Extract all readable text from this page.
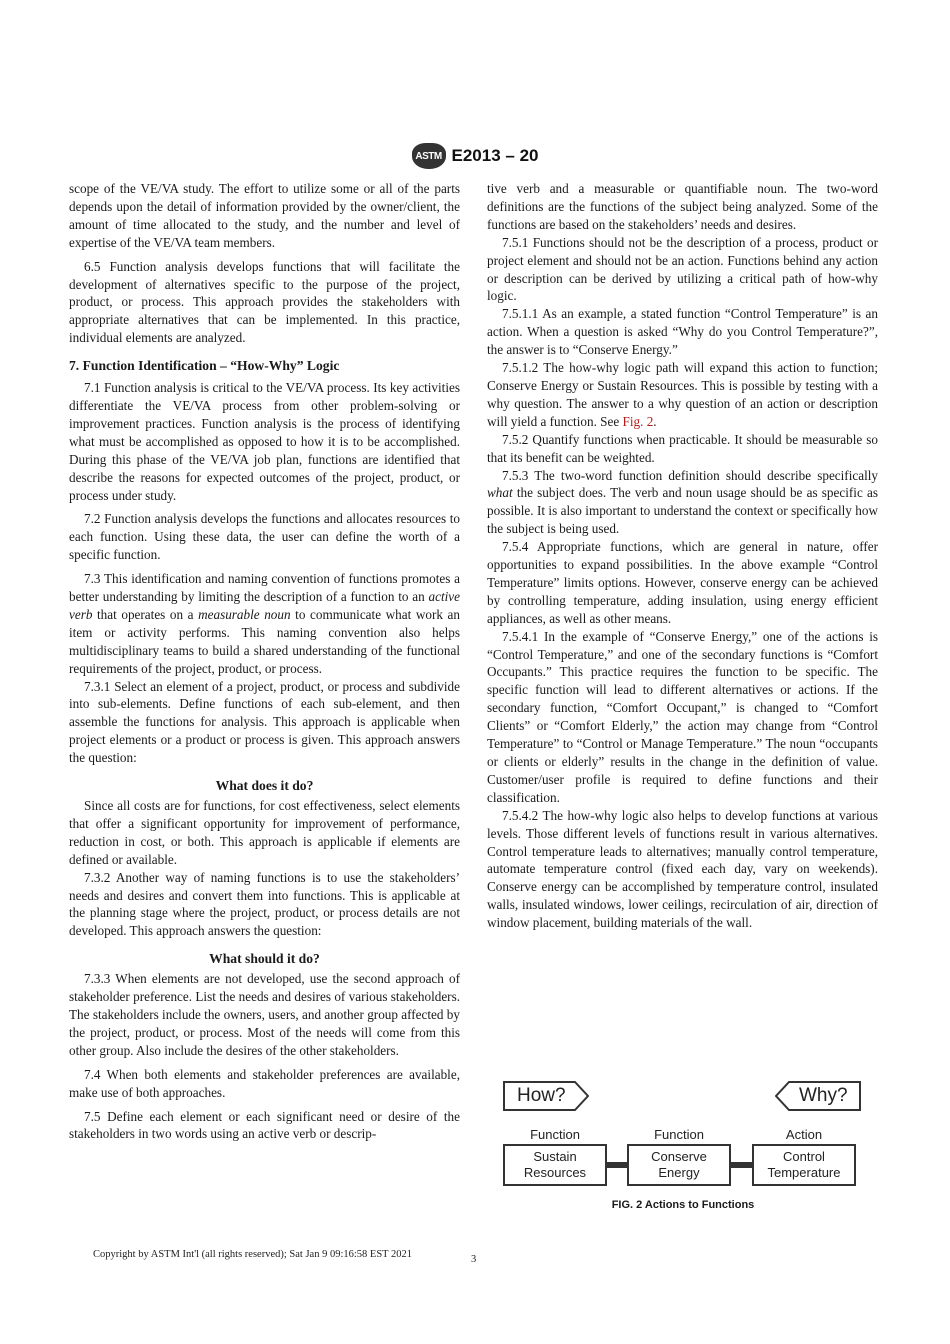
ASTM E2013 – 20

scope of the VE/VA study. The effort to utilize some or all of the parts depends upon the detail of information provided by the owner/client, the amount of time allocated to the study, and the number and level of expertise of the VE/VA team members.

6.5 Function analysis develops functions that will facilitate the development of alternatives specific to the purpose of the project, product, or process. This approach provides the stakeholders with appropriate alternatives that can be implemented. In this practice, individual elements are analyzed.

7. Function Identification – “How-Why” Logic

7.1 Function analysis is critical to the VE/VA process. Its key activities differentiate the VE/VA process from other problem-solving or improvement practices. Function analysis is the process of identifying what must be accomplished as opposed to how it is to be accomplished. During this phase of the VE/VA job plan, functions are identified that describe the reasons for expected outcomes of the project, product, or process under study.

7.2 Function analysis develops the functions and allocates resources to each function. Using these data, the user can define the worth of a specific function.

7.3 This identification and naming convention of functions promotes a better understanding by limiting the description of a function to an active verb that operates on a measurable noun to communicate what work an item or activity performs. This naming convention also helps multidisciplinary teams to build a shared understanding of the functional requirements of the project, product, or process.

7.3.1 Select an element of a project, product, or process and subdivide into sub-elements. Define functions of each sub-element, and then assemble the functions for analysis. This approach is applicable when project elements or a product or process is given. This approach answers the question:

What does it do?

Since all costs are for functions, for cost effectiveness, select elements that offer a significant opportunity for improvement of performance, reduction in cost, or both. This approach is applicable if elements are defined or available.

7.3.2 Another way of naming functions is to use the stakeholders’ needs and desires and convert them into functions. This is applicable at the planning stage where the project, product, or process details are not developed. This approach answers the question:

What should it do?

7.3.3 When elements are not developed, use the second approach of stakeholder preference. List the needs and desires of various stakeholders. The stakeholders include the owners, users, and another group affected by the project, product, or process. Most of the needs will come from this other group. Also include the desires of the other stakeholders.

7.4 When both elements and stakeholder preferences are available, make use of both approaches.

7.5 Define each element or each significant need or desire of the stakeholders in two words using an active verb or descrip-

tive verb and a measurable or quantifiable noun. The two-word definitions are the functions of the subject being analyzed. Some of the functions are based on the stakeholders’ needs and desires.

7.5.1 Functions should not be the description of a process, product or project element and should not be an action. Functions behind any action or description can be derived by utilizing a critical path of how-why logic.

7.5.1.1 As an example, a stated function “Control Temperature” is an action. When a question is asked “Why do you Control Temperature?”, the answer is to “Conserve Energy.”

7.5.1.2 The how-why logic path will expand this action to function; Conserve Energy or Sustain Resources. This is possible by testing with a why question. The answer to a why question of an action or description will yield a function. See Fig. 2.

7.5.2 Quantify functions when practicable. It should be measurable so that its benefit can be weighted.

7.5.3 The two-word function definition should describe specifically what the subject does. The verb and noun usage should be as specific as possible. It is also important to understand the context or specifically how the subject is being used.

7.5.4 Appropriate functions, which are general in nature, offer opportunities to expand possibilities. In the above example “Control Temperature” limits options. However, conserve energy can be achieved by controlling temperature, adding insulation, using energy efficient appliances, as well as other means.

7.5.4.1 In the example of “Conserve Energy,” one of the actions is “Control Temperature,” and one of the secondary functions is “Comfort Occupants.” This practice requires the function to be specific. The specific function will lead to different alternatives or actions. If the secondary function, “Comfort Occupant,” is changed to “Comfort Clients” or “Comfort Elderly,” the action may change from “Control Temperature” to “Control or Manage Temperature.” The noun “occupants or clients or elderly” results in the change in the definition of value. Customer/user profile is required to define functions and their classification.

7.5.4.2 The how-why logic also helps to develop functions at various levels. Those different levels of functions result in various alternatives. Control temperature leads to alternatives; manually control temperature, automate temperature control (fixed each day, vary on weekends). Conserve energy can be accomplished by temperature control, insulated walls, insulated windows, lower ceilings, recirculation of air, direction of window placement, building materials of the wall.

How?	Why?
Function	Function	Action
Sustain Resources
Conserve Energy
Control Temperature
FIG. 2 Actions to Functions
Copyright by ASTM Int'l (all rights reserved); Sat Jan 9 09:16:58 EST 2021	3
